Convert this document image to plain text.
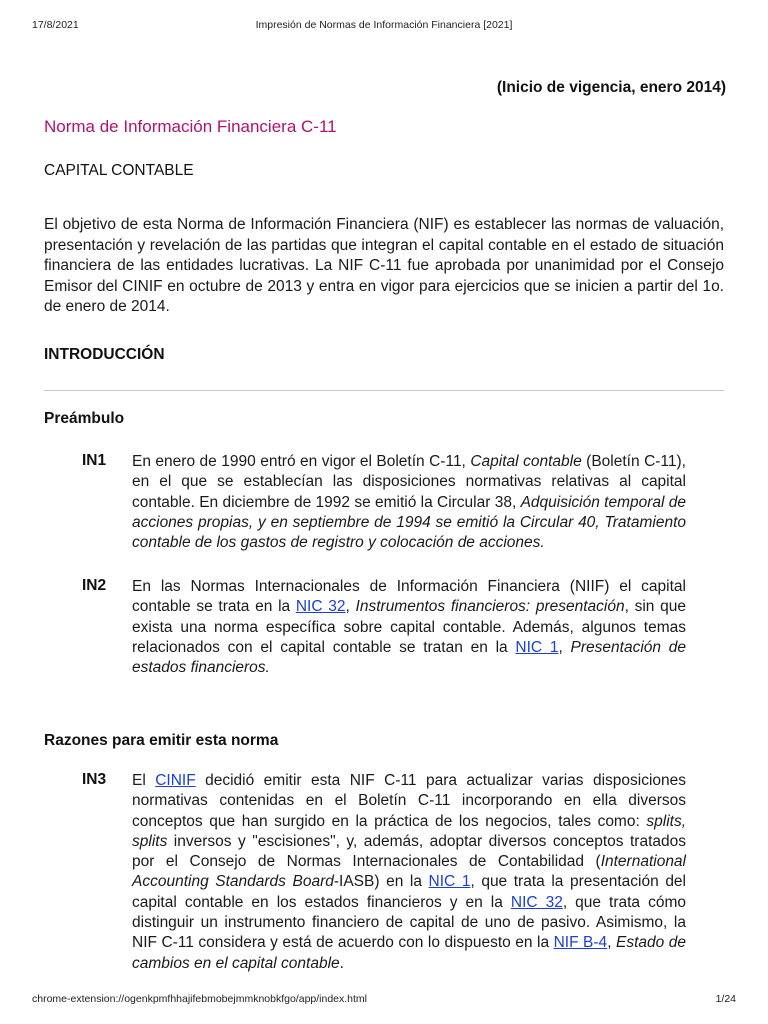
17/8/2021	Impresión de Normas de Información Financiera [2021]
(Inicio de vigencia, enero 2014)
Norma de Información Financiera C-11
CAPITAL CONTABLE
El objetivo de esta Norma de Información Financiera (NIF) es establecer las normas de valuación, presentación y revelación de las partidas que integran el capital contable en el estado de situación financiera de las entidades lucrativas. La NIF C-11 fue aprobada por unanimidad por el Consejo Emisor del CINIF en octubre de 2013 y entra en vigor para ejercicios que se inicien a partir del 1o. de enero de 2014.
INTRODUCCIÓN
Preámbulo
IN1 En enero de 1990 entró en vigor el Boletín C-11, Capital contable (Boletín C-11), en el que se establecían las disposiciones normativas relativas al capital contable. En diciembre de 1992 se emitió la Circular 38, Adquisición temporal de acciones propias, y en septiembre de 1994 se emitió la Circular 40, Tratamiento contable de los gastos de registro y colocación de acciones.
IN2 En las Normas Internacionales de Información Financiera (NIIF) el capital contable se trata en la NIC 32, Instrumentos financieros: presentación, sin que exista una norma específica sobre capital contable. Además, algunos temas relacionados con el capital contable se tratan en la NIC 1, Presentación de estados financieros.
Razones para emitir esta norma
IN3 El CINIF decidió emitir esta NIF C-11 para actualizar varias disposiciones normativas contenidas en el Boletín C-11 incorporando en ella diversos conceptos que han surgido en la práctica de los negocios, tales como: splits, splits inversos y "escisiones", y, además, adoptar diversos conceptos tratados por el Consejo de Normas Internacionales de Contabilidad (International Accounting Standards Board-IASB) en la NIC 1, que trata la presentación del capital contable en los estados financieros y en la NIC 32, que trata cómo distinguir un instrumento financiero de capital de uno de pasivo. Asimismo, la NIF C-11 considera y está de acuerdo con lo dispuesto en la NIF B-4, Estado de cambios en el capital contable.
chrome-extension://ogenkpmfhhajifebmobejmmknobkfgo/app/index.html	1/24
